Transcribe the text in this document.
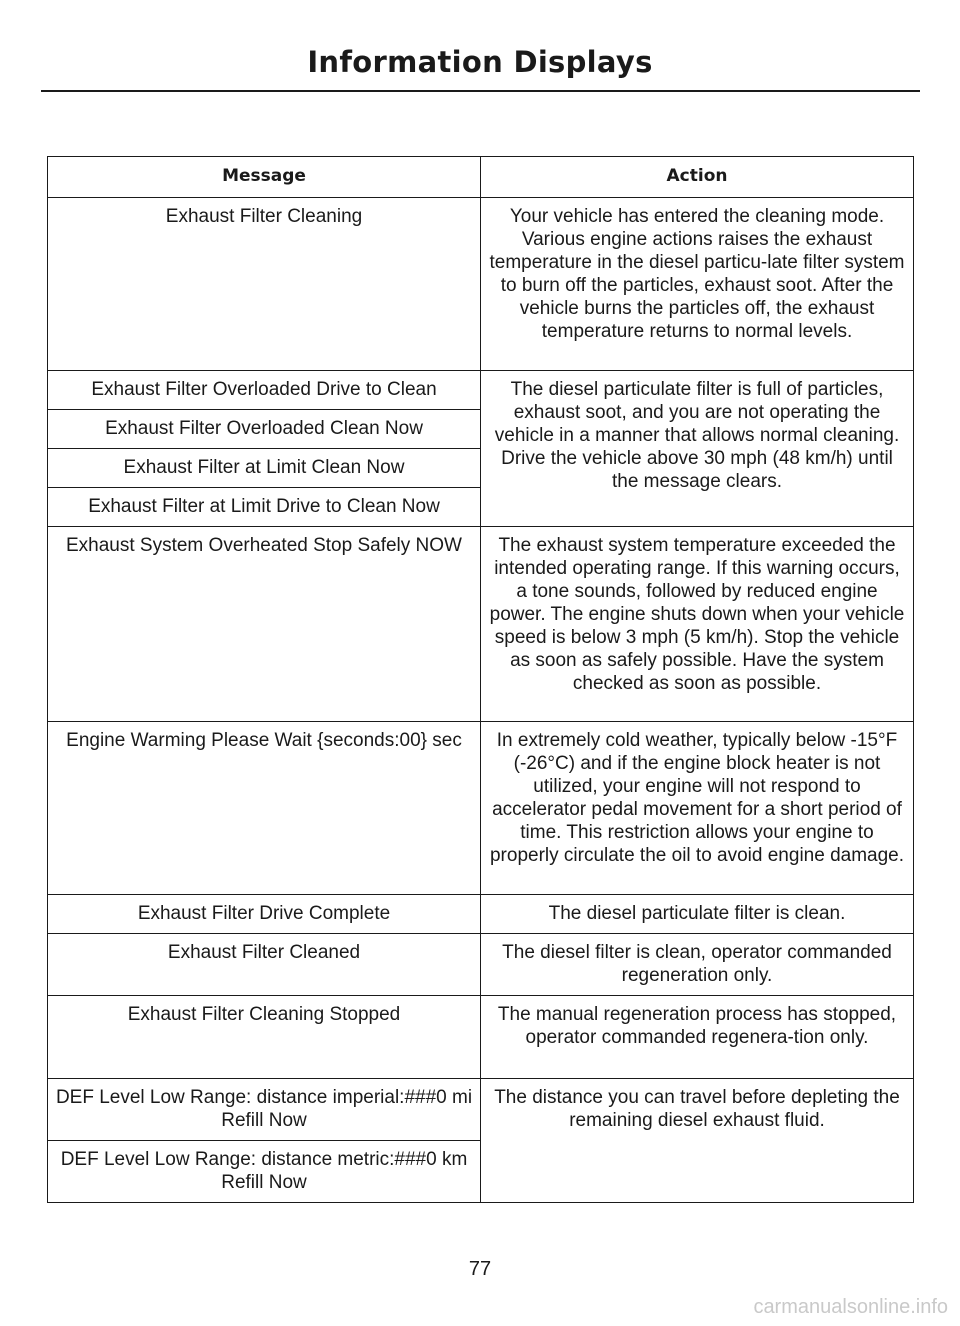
Information Displays
Message	Action
Exhaust Filter Cleaning	Your vehicle has entered the cleaning mode. Various engine actions raises the exhaust temperature in the diesel particu-late filter system to burn off the particles, exhaust soot. After the vehicle burns the particles off, the exhaust temperature returns to normal levels.
Exhaust Filter Overloaded Drive to Clean	The diesel particulate filter is full of particles, exhaust soot, and you are not operating the vehicle in a manner that allows normal cleaning. Drive the vehicle above 30 mph (48 km/h) until the message clears.
Exhaust Filter Overloaded Clean Now	
Exhaust Filter at Limit Clean Now	
Exhaust Filter at Limit Drive to Clean Now	
Exhaust System Overheated Stop Safely NOW	The exhaust system temperature exceeded the intended operating range. If this warning occurs, a tone sounds, followed by reduced engine power. The engine shuts down when your vehicle speed is below 3 mph (5 km/h). Stop the vehicle as soon as safely possible. Have the system checked as soon as possible.
Engine Warming Please Wait {seconds:00} sec	In extremely cold weather, typically below -15°F (-26°C) and if the engine block heater is not utilized, your engine will not respond to accelerator pedal movement for a short period of time. This restriction allows your engine to properly circulate the oil to avoid engine damage.
Exhaust Filter Drive Complete	The diesel particulate filter is clean.
Exhaust Filter Cleaned	The diesel filter is clean, operator commanded regeneration only.
Exhaust Filter Cleaning Stopped	The manual regeneration process has stopped, operator commanded regenera-tion only.
DEF Level Low Range: distance imperial:###0 mi Refill Now	The distance you can travel before depleting the remaining diesel exhaust fluid.
DEF Level Low Range: distance metric:###0 km Refill Now	
77
carmanualsonline.info
